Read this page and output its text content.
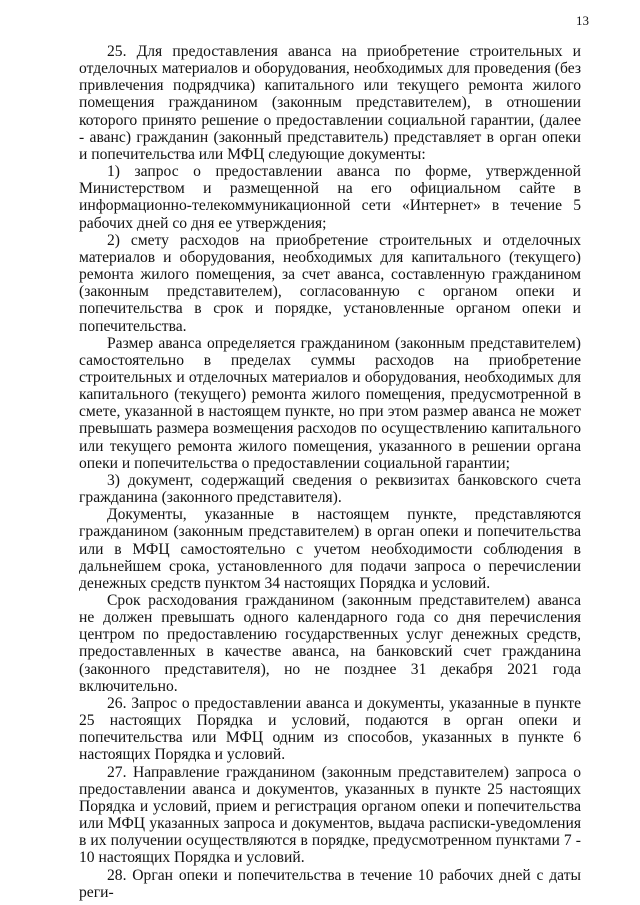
13

25. Для предоставления аванса на приобретение строительных и отделочных материалов и оборудования, необходимых для проведения (без привлечения подрядчика) капитального или текущего ремонта жилого помещения гражданином (законным представителем), в отношении которого принято решение о предоставлении социальной гарантии, (далее - аванс) гражданин (законный представитель) представляет в орган опеки и попечительства или МФЦ следующие документы:

1) запрос о предоставлении аванса по форме, утвержденной Министерством и размещенной на его официальном сайте в информационно-телекоммуникационной сети «Интернет» в течение 5 рабочих дней со дня ее утверждения;

2) смету расходов на приобретение строительных и отделочных материалов и оборудования, необходимых для капитального (текущего) ремонта жилого помещения, за счет аванса, составленную гражданином (законным представителем), согласованную с органом опеки и попечительства в срок и порядке, установленные органом опеки и попечительства.

Размер аванса определяется гражданином (законным представителем) самостоятельно в пределах суммы расходов на приобретение строительных и отделочных материалов и оборудования, необходимых для капитального (текущего) ремонта жилого помещения, предусмотренной в смете, указанной в настоящем пункте, но при этом размер аванса не может превышать размера возмещения расходов по осуществлению капитального или текущего ремонта жилого помещения, указанного в решении органа опеки и попечительства о предоставлении социальной гарантии;

3) документ, содержащий сведения о реквизитах банковского счета гражданина (законного представителя).

Документы, указанные в настоящем пункте, представляются гражданином (законным представителем) в орган опеки и попечительства или в МФЦ самостоятельно с учетом необходимости соблюдения в дальнейшем срока, установленного для подачи запроса о перечислении денежных средств пунктом 34 настоящих Порядка и условий.

Срок расходования гражданином (законным представителем) аванса не должен превышать одного календарного года со дня перечисления центром по предоставлению государственных услуг денежных средств, предоставленных в качестве аванса, на банковский счет гражданина (законного представителя), но не позднее 31 декабря 2021 года включительно.

26. Запрос о предоставлении аванса и документы, указанные в пункте 25 настоящих Порядка и условий, подаются в орган опеки и попечительства или МФЦ одним из способов, указанных в пункте 6 настоящих Порядка и условий.

27. Направление гражданином (законным представителем) запроса о предоставлении аванса и документов, указанных в пункте 25 настоящих Порядка и условий, прием и регистрация органом опеки и попечительства или МФЦ указанных запроса и документов, выдача расписки-уведомления в их получении осуществляются в порядке, предусмотренном пунктами 7 - 10 настоящих Порядка и условий.

28. Орган опеки и попечительства в течение 10 рабочих дней с даты реги-
